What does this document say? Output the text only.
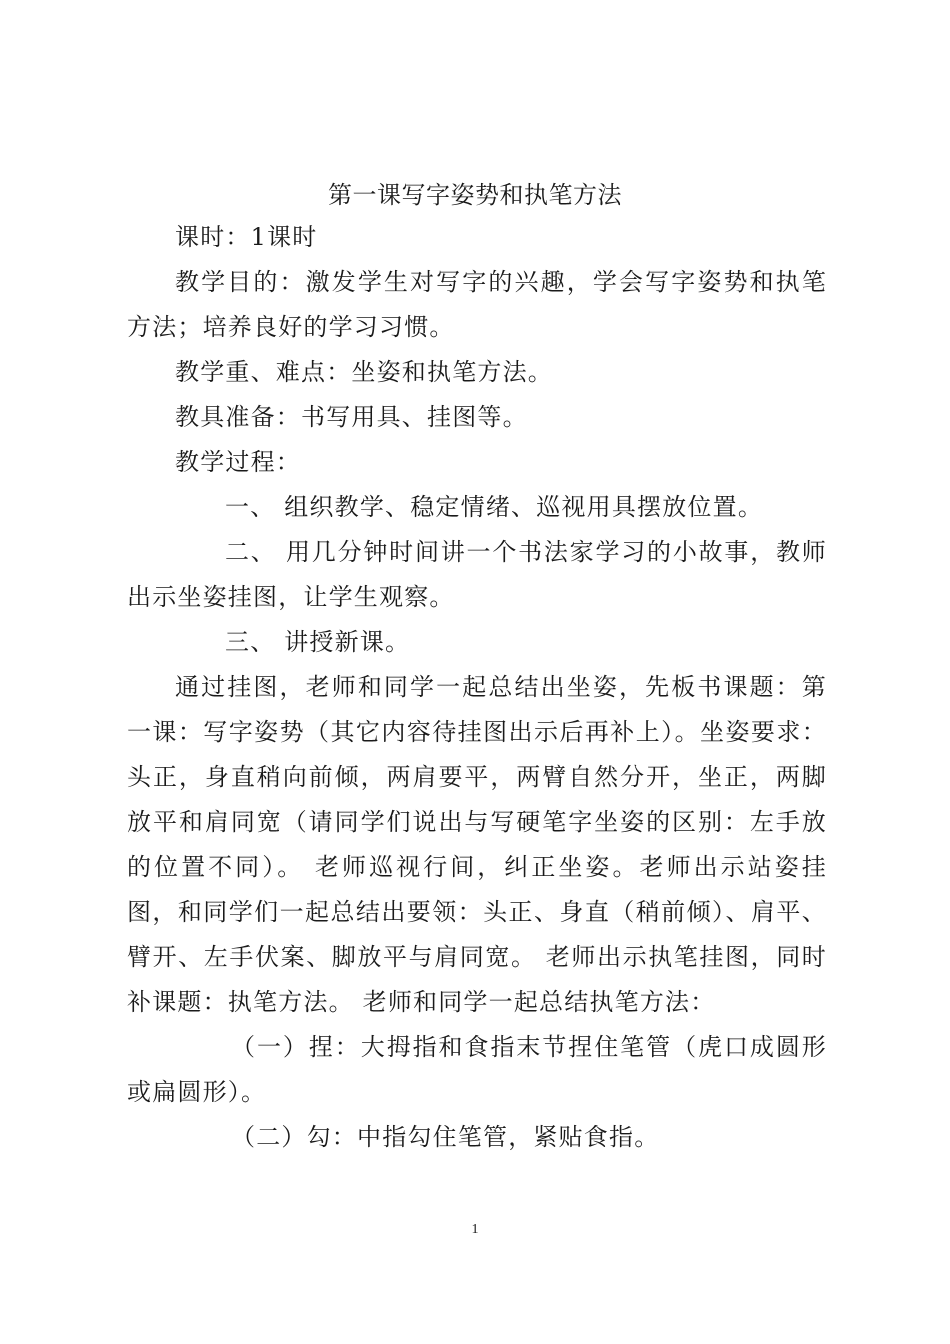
第一课写字姿势和执笔方法

课时：1课时

教学目的：激发学生对写字的兴趣，学会写字姿势和执笔方法；培养良好的学习习惯。

教学重、难点：坐姿和执笔方法。

教具准备：书写用具、挂图等。

教学过程：

一、 组织教学、稳定情绪、巡视用具摆放位置。

二、 用几分钟时间讲一个书法家学习的小故事，教师出示坐姿挂图，让学生观察。

三、 讲授新课。

通过挂图，老师和同学一起总结出坐姿，先板书课题：第一课：写字姿势（其它内容待挂图出示后再补上）。坐姿要求：头正，身直稍向前倾，两肩要平，两臂自然分开，坐正，两脚放平和肩同宽（请同学们说出与写硬笔字坐姿的区别：左手放的位置不同）。 老师巡视行间，纠正坐姿。老师出示站姿挂图，和同学们一起总结出要领：头正、身直（稍前倾）、肩平、臂开、左手伏案、脚放平与肩同宽。 老师出示执笔挂图，同时补课题：执笔方法。 老师和同学一起总结执笔方法：

（一）捏：大拇指和食指末节捏住笔管（虎口成圆形或扁圆形）。

（二）勾：中指勾住笔管，紧贴食指。

1
